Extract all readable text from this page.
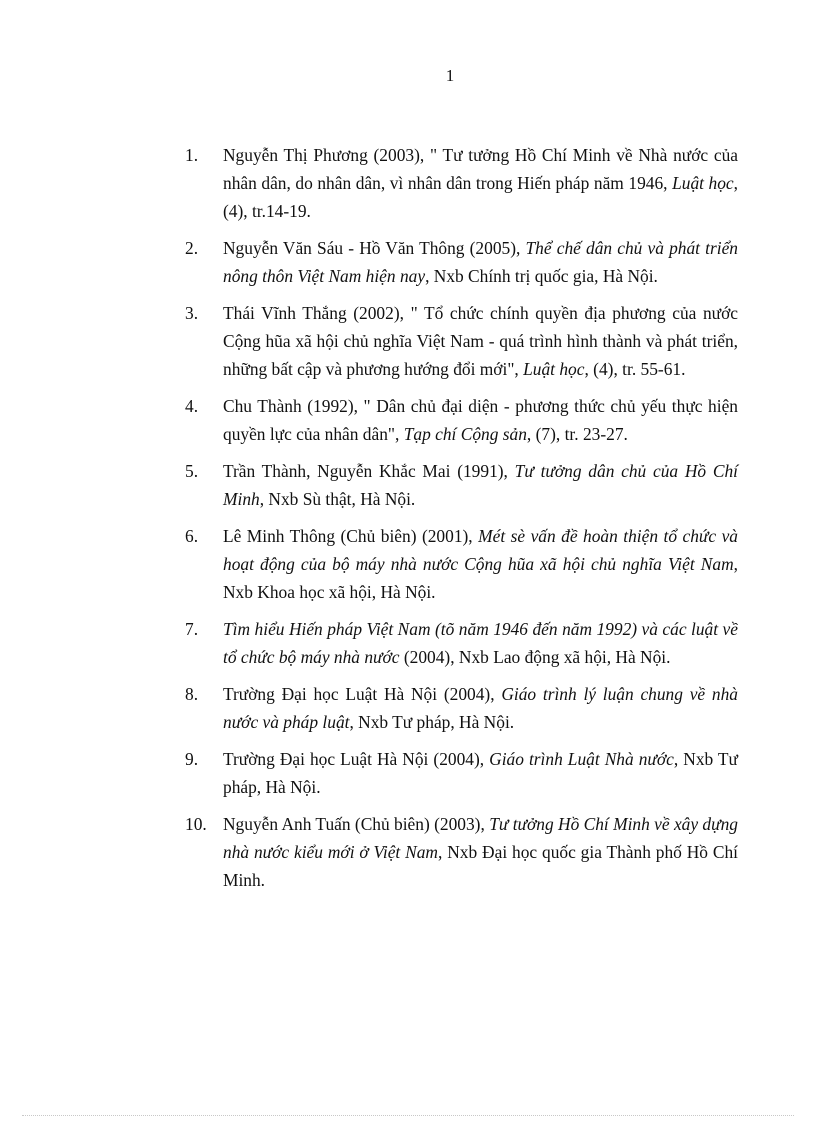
1
1. Nguyễn Thị Phương (2003), " Tư tưởng Hồ Chí Minh về Nhà nước của nhân dân, do nhân dân, vì nhân dân trong Hiến pháp năm 1946, Luật học, (4), tr.14-19.
2. Nguyễn Văn Sáu - Hồ Văn Thông (2005), Thể chế dân chủ và phát triển nông thôn Việt Nam hiện nay, Nxb Chính trị quốc gia, Hà Nội.
3. Thái Vĩnh Thắng (2002), " Tổ chức chính quyền địa phương của nước Cộng hũa xã hội chủ nghĩa Việt Nam - quá trình hình thành và phát triển, những bất cập và phương hướng đổi mới", Luật học, (4), tr. 55-61.
4. Chu Thành (1992), " Dân chủ đại diện - phương thức chủ yếu thực hiện quyền lực của nhân dân", Tạp chí Cộng sản, (7), tr. 23-27.
5. Trần Thành, Nguyễn Khắc Mai (1991), Tư tưởng dân chủ của Hồ Chí Minh, Nxb Sù thật, Hà Nội.
6. Lê Minh Thông (Chủ biên) (2001), Mét sè vấn đề hoàn thiện tổ chức và hoạt động của bộ máy nhà nước Cộng hũa xã hội chủ nghĩa Việt Nam, Nxb Khoa học xã hội, Hà Nội.
7. Tìm hiểu Hiến pháp Việt Nam (tõ năm 1946 đến năm 1992) và các luật về tổ chức bộ máy nhà nước (2004), Nxb Lao động xã hội, Hà Nội.
8. Trường Đại học Luật Hà Nội (2004), Giáo trình lý luận chung về nhà nước và pháp luật, Nxb Tư pháp, Hà Nội.
9. Trường Đại học Luật Hà Nội (2004), Giáo trình Luật Nhà nước, Nxb Tư pháp, Hà Nội.
10. Nguyễn Anh Tuấn (Chủ biên) (2003), Tư tưởng Hồ Chí Minh về xây dựng nhà nước kiểu mới ở Việt Nam, Nxb Đại học quốc gia Thành phố Hồ Chí Minh.
